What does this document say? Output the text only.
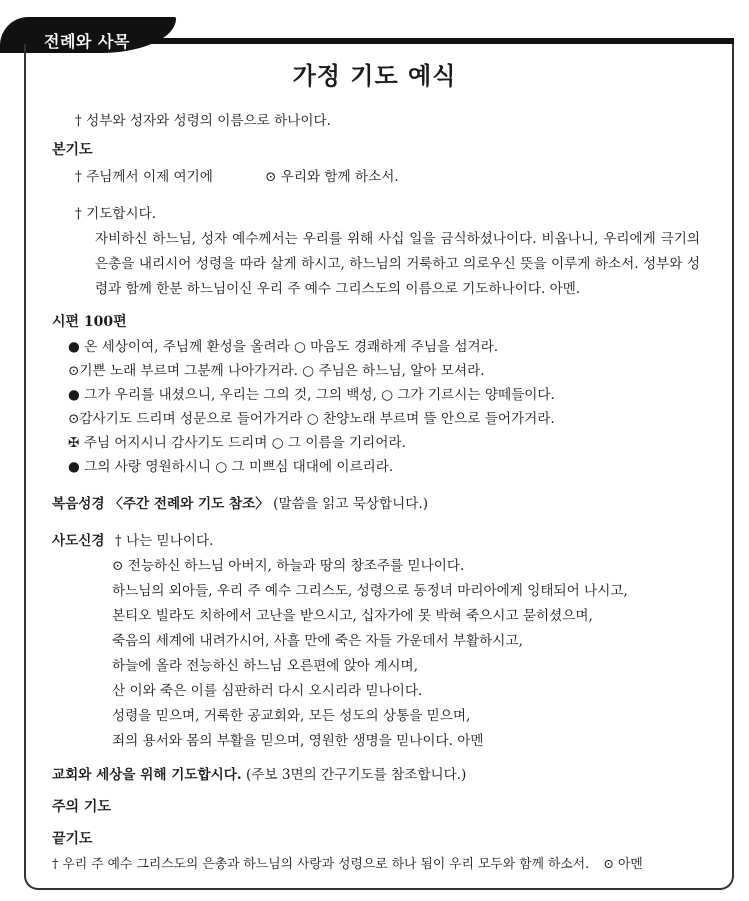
전례와 사목
가정 기도 예식
† 성부와 성자와 성령의 이름으로 하나이다.
본기도
† 주님께서 이제 여기에	⊙ 우리와 함께 하소서.
† 기도합시다.
자비하신 하느님, 성자 예수께서는 우리를 위해 사십 일을 금식하셨나이다. 비옵나니, 우리에게 극기의 은총을 내리시어 성령을 따라 살게 하시고, 하느님의 거룩하고 의로우신 뜻을 이루게 하소서. 성부와 성령과 함께 한분 하느님이신 우리 주 예수 그리스도의 이름으로 기도하나이다. 아멘.
시편 100편
● 온 세상이여, 주님께 환성을 올려라 ○ 마음도 경쾌하게 주님을 섬겨라.
⊙기쁜 노래 부르며 그분께 나아가거라. ○ 주님은 하느님, 알아 모셔라.
● 그가 우리를 내셨으니, 우리는 그의 것, 그의 백성, ○ 그가 기르시는 양떼들이다.
⊙감사기도 드리며 성문으로 들어가거라 ○ 찬양노래 부르며 뜰 안으로 들어가거라.
✠ 주님 어지시니 감사기도 드리며 ○ 그 이름을 기리어라.
● 그의 사랑 영원하시니 ○ 그 미쁘심 대대에 이르리라.
복음성경 〈주간 전례와 기도 참조〉 (말씀을 읽고 묵상합니다.)
사도신경 † 나는 믿나이다.
⊙ 전능하신 하느님 아버지, 하늘과 땅의 창조주를 믿나이다.
하느님의 외아들, 우리 주 예수 그리스도, 성령으로 동정녀 마리아에게 잉태되어 나시고,
본티오 빌라도 치하에서 고난을 받으시고, 십자가에 못 박혀 죽으시고 묻히셨으며,
죽음의 세계에 내려가시어, 사흘 만에 죽은 자들 가운데서 부활하시고,
하늘에 올라 전능하신 하느님 오른편에 앉아 계시며,
산 이와 죽은 이를 심판하러 다시 오시리라 믿나이다.
성령을 믿으며, 거룩한 공교회와, 모든 성도의 상통을 믿으며,
죄의 용서와 몸의 부활을 믿으며, 영원한 생명을 믿나이다. 아멘
교회와 세상을 위해 기도합시다. (주보 3면의 간구기도를 참조합니다.)
주의 기도
끝기도
† 우리 주 예수 그리스도의 은총과 하느님의 사랑과 성령으로 하나 됨이 우리 모두와 함께 하소서. ⊙ 아멘
